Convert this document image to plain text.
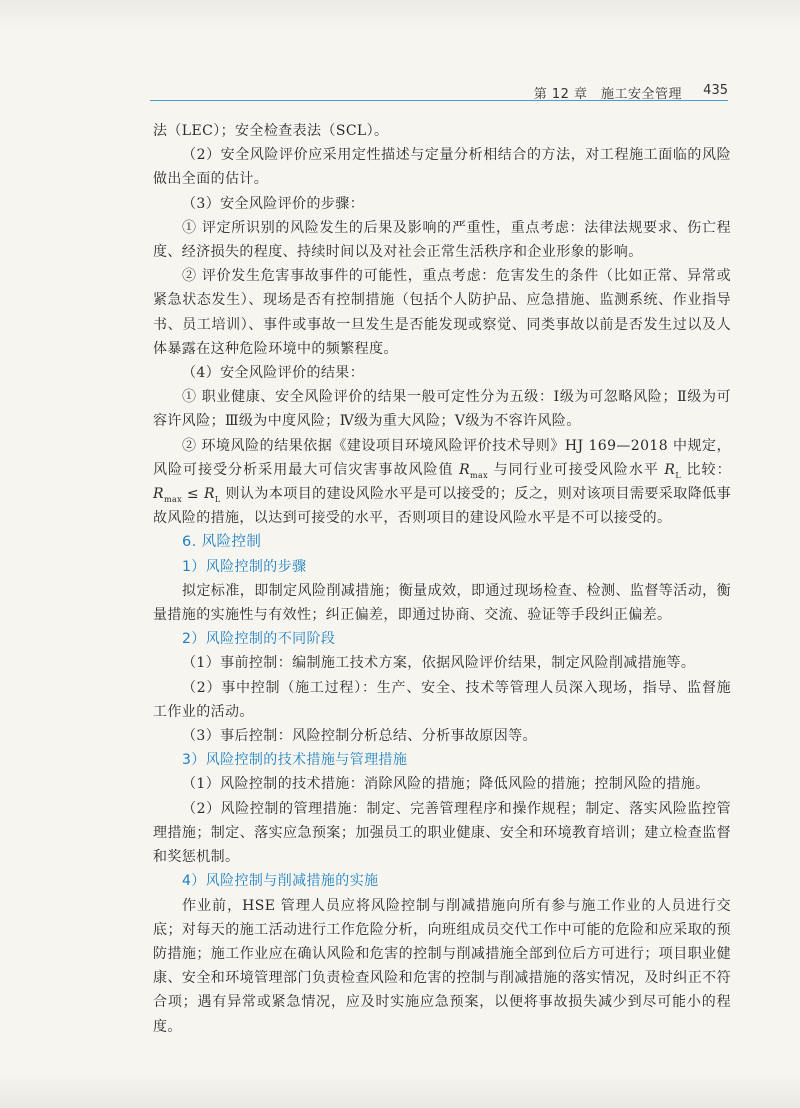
第 12 章　施工安全管理 435

法（LEC）；安全检查表法（SCL）。

（2）安全风险评价应采用定性描述与定量分析相结合的方法，对工程施工面临的风险做出全面的估计。

（3）安全风险评价的步骤：

① 评定所识别的风险发生的后果及影响的严重性，重点考虑：法律法规要求、伤亡程度、经济损失的程度、持续时间以及对社会正常生活秩序和企业形象的影响。

② 评价发生危害事故事件的可能性，重点考虑：危害发生的条件（比如正常、异常或紧急状态发生）、现场是否有控制措施（包括个人防护品、应急措施、监测系统、作业指导书、员工培训）、事件或事故一旦发生是否能发现或察觉、同类事故以前是否发生过以及人体暴露在这种危险环境中的频繁程度。

（4）安全风险评价的结果：

① 职业健康、安全风险评价的结果一般可定性分为五级：Ⅰ级为可忽略风险；Ⅱ级为可容许风险；Ⅲ级为中度风险；Ⅳ级为重大风险；Ⅴ级为不容许风险。

② 环境风险的结果依据《建设项目环境风险评价技术导则》HJ 169—2018 中规定，风险可接受分析采用最大可信灾害事故风险值 $R_{max}$ 与同行业可接受风险水平 $R_L$ 比较：$R_{max} \le R_L$ 则认为本项目的建设风险水平是可以接受的；反之，则对该项目需要采取降低事故风险的措施，以达到可接受的水平，否则项目的建设风险水平是不可以接受的。

6. 风险控制

1）风险控制的步骤

拟定标准，即制定风险削减措施；衡量成效，即通过现场检查、检测、监督等活动，衡量措施的实施性与有效性；纠正偏差，即通过协商、交流、验证等手段纠正偏差。

2）风险控制的不同阶段

（1）事前控制：编制施工技术方案，依据风险评价结果，制定风险削减措施等。

（2）事中控制（施工过程）：生产、安全、技术等管理人员深入现场，指导、监督施工作业的活动。

（3）事后控制：风险控制分析总结、分析事故原因等。

3）风险控制的技术措施与管理措施

（1）风险控制的技术措施：消除风险的措施；降低风险的措施；控制风险的措施。

（2）风险控制的管理措施：制定、完善管理程序和操作规程；制定、落实风险监控管理措施；制定、落实应急预案；加强员工的职业健康、安全和环境教育培训；建立检查监督和奖惩机制。

4）风险控制与削减措施的实施

作业前，HSE 管理人员应将风险控制与削减措施向所有参与施工作业的人员进行交底；对每天的施工活动进行工作危险分析，向班组成员交代工作中可能的危险和应采取的预防措施；施工作业应在确认风险和危害的控制与削减措施全部到位后方可进行；项目职业健康、安全和环境管理部门负责检查风险和危害的控制与削减措施的落实情况，及时纠正不符合项；遇有异常或紧急情况，应及时实施应急预案，以便将事故损失减少到尽可能小的程度。
